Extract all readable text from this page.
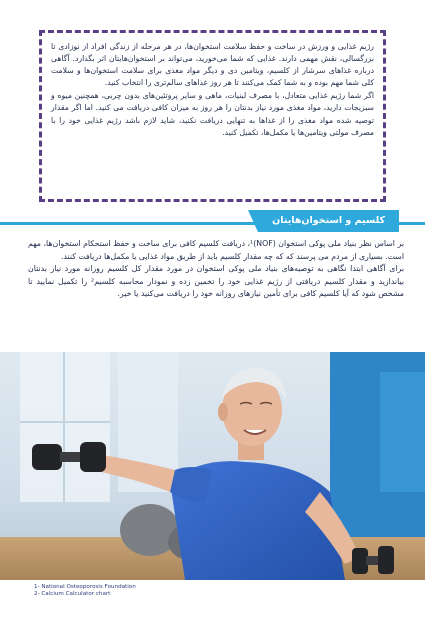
رژیم غذایی و ورزش در ساخت و حفظ سلامت استخوان‌ها، در هر مرحله از زندگی افراد از نوزادی تا بزرگسالی، نقش مهمی دارند. غذایی که شما می‌خورید، می‌تواند بر استخوان‌هایتان اثر بگذارد. آگاهی درباره غذاهای سرشار از کلسیم، ویتامین دی و دیگر مواد مغذی برای سلامت استخوان‌ها و سلامت کلی شما مهم بوده و به شما کمک می‌کنند تا هر روز غذاهای سالم‌تری را انتخاب کنید.

اگر شما رژیم غذایی متعادل، با مصرف لبنیات، ماهی و سایر پروتئین‌های بدون چربی، همچنین میوه و سبزیجات دارید، مواد مغذی مورد نیاز بدنتان را هر روز به میزان کافی دریافت می کنید. اما اگر مقدار توصیه شده مواد مغذی را از غذاها به تنهایی دریافت نکنید، شاید لازم باشد رژیم غذایی خود را با مصرف مولتی ویتامین‌ها یا مکمل‌ها، تکمیل کنید.

کلسیم و استخوان‌هایتان

بر اساس نظر بنیاد ملی پوکی استخوان (NOF)¹، دریافت کلسیم کافی برای ساخت و حفظ استحکام استخوان‌ها، مهم است. بسیاری از مردم می پرسند که که چه مقدار کلسیم باید از طریق مواد غذایی یا مکمل‌ها دریافت کنند.

برای آگاهی ابتدا نگاهی به توصیه‌های بنیاد ملی پوکی استخوان در مورد مقدار کل کلسیم روزانه مورد نیاز بدنتان بیاندازید و مقدار کلسیم دریافتی از رژیم غذایی خود را تخمین زده و نمودار محاسبه کلسیم² را تکمیل نمایید تا مشخص شود که آیا کلسیم کافی برای تأمین نیازهای روزانه خود را دریافت می‌کنید یا خیر.

1- National Osteoporosis Foundation
2- Calcium Calculator chart
